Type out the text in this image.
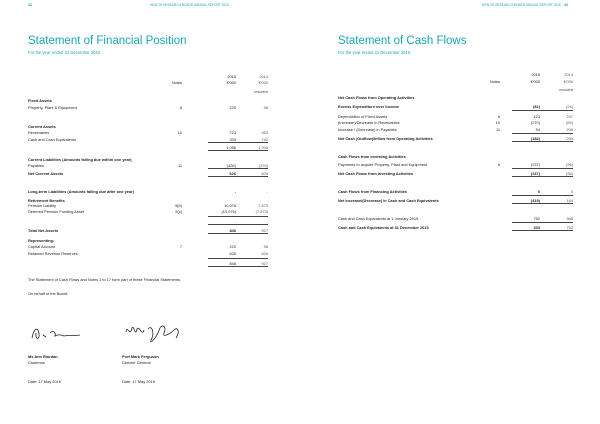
32	HEALTH RESEARCH BOARD ANNUAL REPORT 2015
Statement of Financial Position
For the year ended 31 December 2015
2015	2014
Notes	€'000	€'000
restated
Fixed Assets
Property, Plant & Equipment	8	220	98
Current Assets
Receivables	10	723	453
Cash and Cash Equivalents	333	752
1,056	1,205
Current Liabilities (Amounts falling due within one year)
Payables	11	(430)	(376)
Net Current Assets	626	829
Long-term Liabilities (Amounts falling due after one year)	-	-
Retirement Benefits
Pension Liability	9(b)	10,076	7,873
Deferred Pension Funding Asset	9(c)	(10,076)	(7,873)
-	-
Total Net Assets	846	927
Representing:
Capital Account	7	220	98
Retained Revenue Reserves	626	829
846	927
The Statement of Cash Flows and Notes 1 to 17 form part of these Financial Statements.
On behalf of the Board:
Ms Ann Riordan
Chairman
Prof Mark Ferguson
Director General
Date: 17 May 2016	Date: 17 May 2016
HEALTH RESEARCH BOARD ANNUAL REPORT 2015 33
Statement of Cash Flows
For the year ended 31 December 2015
2015	2014
Notes	€'000	€'000
restated
Net Cash Flows from Operating Activities
Excess Expenditure over Income	(81)	(24)
Depreciation of Fixed Assets	8	123	247
(Increase)/Decrease in Receivables	10	(270)	(69)
Increase / (Decrease) in Payables	11	54	206
Net Cash (Outflow)/Inflow from Operating Activities	(182)	250
Cash Flows from Investing Activities
Payments to acquire Property, Plant and Equipment	8	(237)	(96)
Net Cash Flows from Investing Activities	(237)	(96)
Cash Flows from Financing Activities	0	0
Net Increase/(Decrease) in Cash and Cash Equivalents	(419)	164
Cash and Cash Equivalents at 1 January 2015	752	588
Cash and Cash Equivalents at 31 December 2015	333	752
